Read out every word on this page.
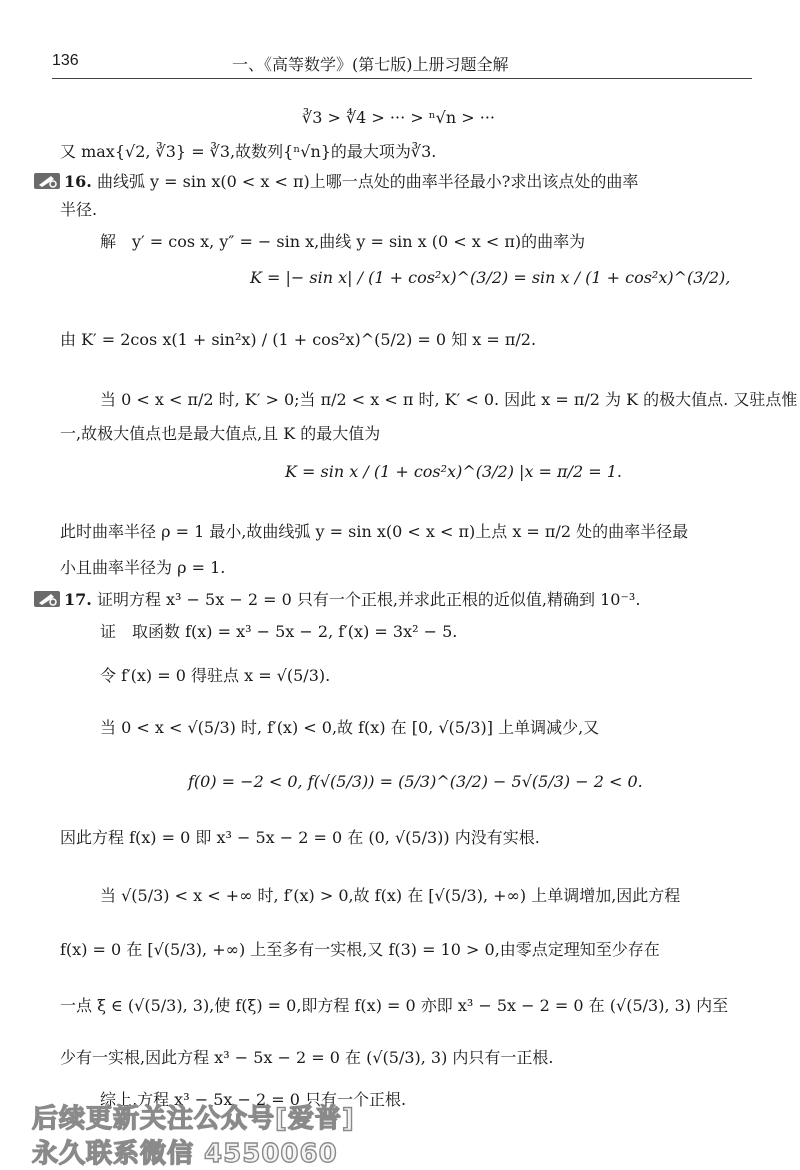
136	一、《高等数学》(第七版)上册习题全解
∛3 > ∜4 > ··· > ⁿ√n > ···
又 max{√2, ∛3} = ∛3,故数列{ⁿ√n}的最大项为∛3.
16. 曲线弧 y = sin x(0 < x < π)上哪一点处的曲率半径最小?求出该点处的曲率
半径.
解　y′ = cos x, y″ = − sin x,曲线 y = sin x (0 < x < π)的曲率为
K = |− sin x| / (1 + cos²x)^(3/2) = sin x / (1 + cos²x)^(3/2),
由 K′ = 2cos x(1 + sin²x) / (1 + cos²x)^(5/2) = 0 知 x = π/2.
当 0 < x < π/2 时, K′ > 0;当 π/2 < x < π 时, K′ < 0. 因此 x = π/2 为 K 的极大值点. 又驻点惟
一,故极大值点也是最大值点,且 K 的最大值为
K = sin x / (1 + cos²x)^(3/2) |x = π/2 = 1.
此时曲率半径 ρ = 1 最小,故曲线弧 y = sin x(0 < x < π)上点 x = π/2 处的曲率半径最
小且曲率半径为 ρ = 1.
17. 证明方程 x³ − 5x − 2 = 0 只有一个正根,并求此正根的近似值,精确到 10⁻³.
证　取函数 f(x) = x³ − 5x − 2, f′(x) = 3x² − 5.
令 f′(x) = 0 得驻点 x = √(5/3).
当 0 < x < √(5/3) 时, f′(x) < 0,故 f(x) 在 [0, √(5/3)] 上单调减少,又
f(0) = −2 < 0, f(√(5/3)) = (5/3)^(3/2) − 5√(5/3) − 2 < 0.
因此方程 f(x) = 0 即 x³ − 5x − 2 = 0 在 (0, √(5/3)) 内没有实根.
当 √(5/3) < x < +∞ 时, f′(x) > 0,故 f(x) 在 [√(5/3), +∞) 上单调增加,因此方程
f(x) = 0 在 [√(5/3), +∞) 上至多有一实根,又 f(3) = 10 > 0,由零点定理知至少存在
一点 ξ ∈ (√(5/3), 3),使 f(ξ) = 0,即方程 f(x) = 0 亦即 x³ − 5x − 2 = 0 在 (√(5/3), 3) 内至
少有一实根,因此方程 x³ − 5x − 2 = 0 在 (√(5/3), 3) 内只有一正根.
综上,方程 x³ − 5x − 2 = 0 只有一个正根.
后续更新关注公众号[爱普]
永久联系微信 4550060
